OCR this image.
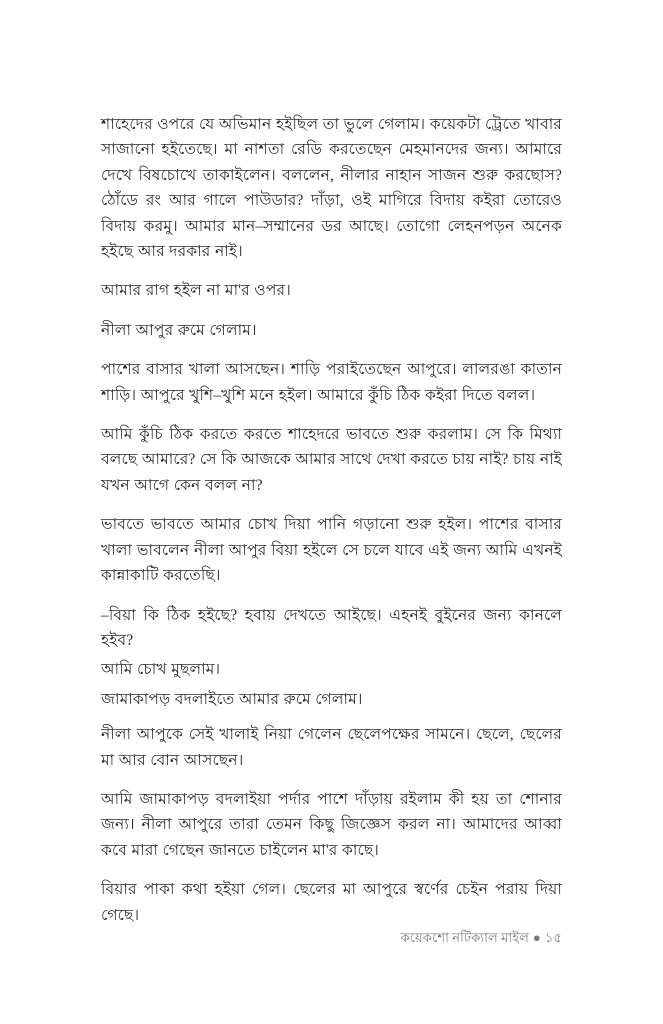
শাহেদের ওপরে যে অভিমান হইছিল তা ভুলে গেলাম। কয়েকটা ট্রেতে খাবার সাজানো হইতেছে। মা নাশতা রেডি করতেছেন মেহমানদের জন্য। আমারে দেখে বিষচোখে তাকাইলেন। বললেন, নীলার নাহান সাজন শুরু করছোস? ঠোঁডে রং আর গালে পাউডার? দাঁড়া, ওই মাগিরে বিদায় কইরা তোরেও বিদায় করমু। আমার মান–সম্মানের ডর আছে। তোগো লেহনপড়ন অনেক হইছে আর দরকার নাই।

আমার রাগ হইল না মা'র ওপর।

নীলা আপুর রুমে গেলাম।

পাশের বাসার খালা আসছেন। শাড়ি পরাইতেছেন আপুরে। লালরঙা কাতান শাড়ি। আপুরে খুশি–খুশি মনে হইল। আমারে কুঁচি ঠিক কইরা দিতে বলল।

আমি কুঁচি ঠিক করতে করতে শাহেদরে ভাবতে শুরু করলাম। সে কি মিথ্যা বলছে আমারে? সে কি আজকে আমার সাথে দেখা করতে চায় নাই? চায় নাই যখন আগে কেন বলল না?

ভাবতে ভাবতে আমার চোখ দিয়া পানি গড়ানো শুরু হইল। পাশের বাসার খালা ভাবলেন নীলা আপুর বিয়া হইলে সে চলে যাবে এই জন্য আমি এখনই কান্নাকাটি করতেছি।

–বিয়া কি ঠিক হইছে? হবায় দেখতে আইছে। এহনই বুইনের জন্য কানলে হইব?

আমি চোখ মুছলাম।

জামাকাপড় বদলাইতে আমার রুমে গেলাম।

নীলা আপুকে সেই খালাই নিয়া গেলেন ছেলেপক্ষের সামনে। ছেলে, ছেলের মা আর বোন আসছেন।

আমি জামাকাপড় বদলাইয়া পর্দার পাশে দাঁড়ায় রইলাম কী হয় তা শোনার জন্য। নীলা আপুরে তারা তেমন কিছু জিজ্ঞেস করল না। আমাদের আব্বা কবে মারা গেছেন জানতে চাইলেন মা'র কাছে।

বিয়ার পাকা কথা হইয়া গেল। ছেলের মা আপুরে স্বর্ণের চেইন পরায় দিয়া গেছে।

কয়েকশো নটিক্যাল মাইল ● ১৫
